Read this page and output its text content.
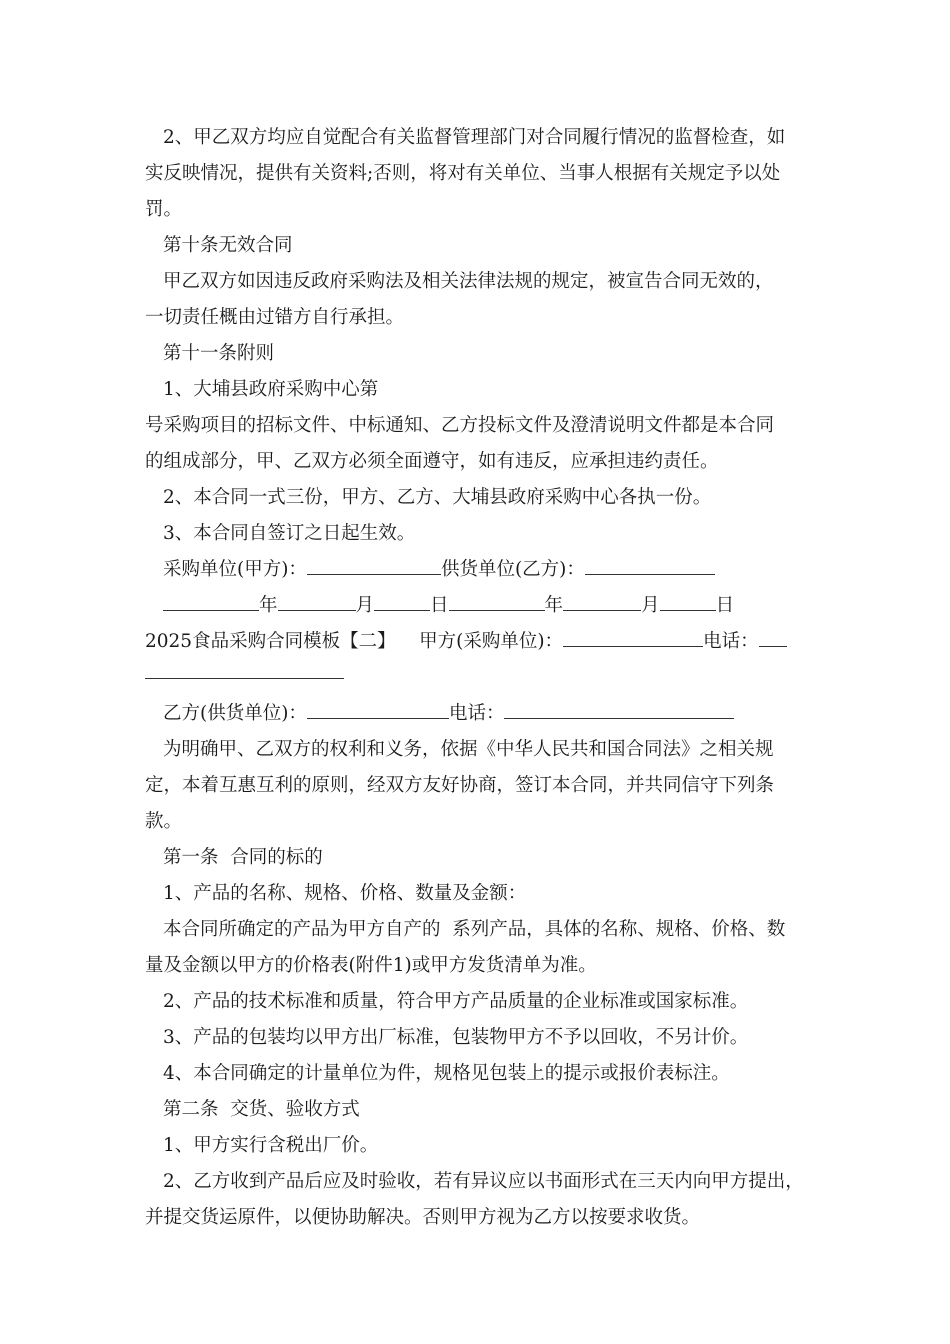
2、甲乙双方均应自觉配合有关监督管理部门对合同履行情况的监督检查，如
实反映情况，提供有关资料;否则，将对有关单位、当事人根据有关规定予以处
罚。
第十条无效合同
甲乙双方如因违反政府采购法及相关法律法规的规定，被宣告合同无效的，
一切责任概由过错方自行承担。
第十一条附则
1、大埔县政府采购中心第
号采购项目的招标文件、中标通知、乙方投标文件及澄清说明文件都是本合同
的组成部分，甲、乙双方必须全面遵守，如有违反，应承担违约责任。
2、本合同一式三份，甲方、乙方、大埔县政府采购中心各执一份。
3、本合同自签订之日起生效。
采购单位(甲方)：	供货单位(乙方)：
年	月	日	年	月	日
2025食品采购合同模板【二】 甲方(采购单位)：	电话：
乙方(供货单位)：	电话：
为明确甲、乙双方的权利和义务，依据《中华人民共和国合同法》之相关规
定，本着互惠互利的原则，经双方友好协商，签订本合同，并共同信守下列条
款。
第一条  合同的标的
1、产品的名称、规格、价格、数量及金额：
本合同所确定的产品为甲方自产的  系列产品，具体的名称、规格、价格、数
量及金额以甲方的价格表(附件1)或甲方发货清单为准。
2、产品的技术标准和质量，符合甲方产品质量的企业标准或国家标准。
3、产品的包装均以甲方出厂标准，包装物甲方不予以回收，不另计价。
4、本合同确定的计量单位为件，规格见包装上的提示或报价表标注。
第二条  交货、验收方式
1、甲方实行含税出厂价。
2、乙方收到产品后应及时验收，若有异议应以书面形式在三天内向甲方提出，
并提交货运原件，以便协助解决。否则甲方视为乙方以按要求收货。
